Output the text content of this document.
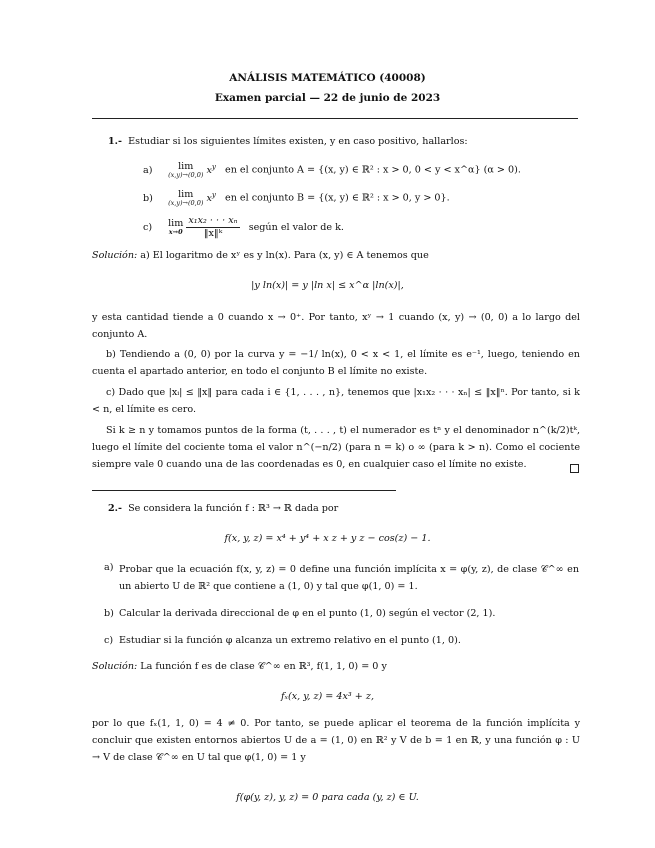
ANÁLISIS MATEMÁTICO (40008)
Examen parcial — 22 de junio de 2023
1.- Estudiar si los siguientes límites existen, y en caso positivo, hallarlos:
a)	lim
(x,y)→(0,0) $x^y$ en el conjunto A = {(x, y) ∈ ℝ² : x > 0, 0 < y < x^α} (α > 0).
b)	lim
(x,y)→(0,0) $x^y$ en el conjunto B = {(x, y) ∈ ℝ² : x > 0, y > 0}.
c) lim
x→0
$\frac{\text{x₁x₂ · · · xₙ}}{\text{‖x‖ᵏ}}$ según el valor de k.
Solución: a) El logaritmo de xʸ es y ln(x). Para (x, y) ∈ A tenemos que
|y ln(x)| = y |ln x| ≤ x^α |ln(x)|,
y esta cantidad tiende a 0 cuando x → 0⁺. Por tanto, xʸ → 1 cuando (x, y) → (0, 0) a lo largo del conjunto A.
b) Tendiendo a (0, 0) por la curva y = −1/ ln(x), 0 < x < 1, el límite es e⁻¹, luego, teniendo en cuenta el apartado anterior, en todo el conjunto B el límite no existe.
c) Dado que |xᵢ| ≤ ‖x‖ para cada i ∈ {1, . . . , n}, tenemos que |x₁x₂ · · · xₙ| ≤ ‖x‖ⁿ. Por tanto, si k < n, el límite es cero.
Si k ≥ n y tomamos puntos de la forma (t, . . . , t) el numerador es tⁿ y el denominador n^(k/2)tᵏ, luego el límite del cociente toma el valor n^(−n/2) (para n = k) o ∞ (para k > n). Como el cociente siempre vale 0 cuando una de las coordenadas es 0, en cualquier caso el límite no existe.
2.- Se considera la función f : ℝ³ → ℝ dada por
f(x, y, z) = x⁴ + y⁴ + x z + y z − cos(z) − 1.
a) Probar que la ecuación f(x, y, z) = 0 define una función implícita x = φ(y, z), de clase 𝒞^∞ en un abierto U de ℝ² que contiene a (1, 0) y tal que φ(1, 0) = 1.
b) Calcular la derivada direccional de φ en el punto (1, 0) según el vector (2, 1).
c) Estudiar si la función φ alcanza un extremo relativo en el punto (1, 0).
Solución: La función f es de clase 𝒞^∞ en ℝ³, f(1, 1, 0) = 0 y
fₓ(x, y, z) = 4x³ + z,
por lo que fₓ(1, 1, 0) = 4 ≠ 0. Por tanto, se puede aplicar el teorema de la función implícita y concluir que existen entornos abiertos U de a = (1, 0) en ℝ² y V de b = 1 en ℝ, y una función φ : U → V de clase 𝒞^∞ en U tal que φ(1, 0) = 1 y
f(φ(y, z), y, z) = 0 para cada (y, z) ∈ U.
